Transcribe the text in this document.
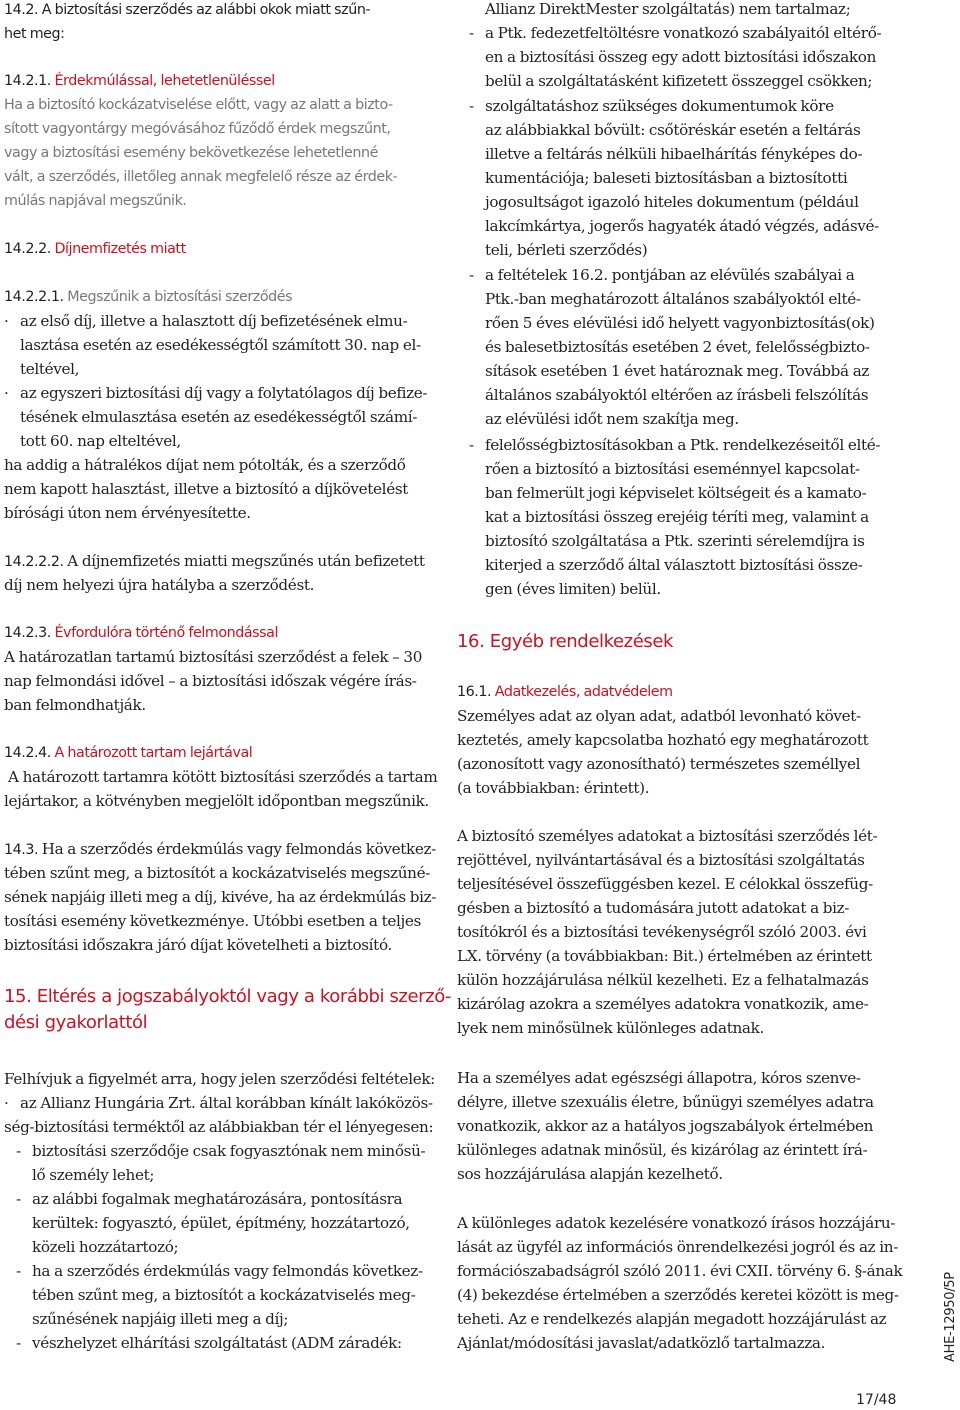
14.2. A biztosítási szerződés az alábbi okok miatt szűn-

het meg:

14.2.1. Érdekmúlással, lehetetlenüléssel

Ha a biztosító kockázatviselése előtt, vagy az alatt a bizto-

sított vagyontárgy megóvásához fűződő érdek megszűnt,

vagy a biztosítási esemény bekövetkezése lehetetlenné

vált, a szerződés, illetőleg annak megfelelő része az érdek-

múlás napjával megszűnik.

14.2.2. Díjnemfizetés miatt

14.2.2.1. Megszűnik a biztosítási szerződés

· az első díj, illetve a halasztott díj befizetésének elmu-

lasztása esetén az esedékességtől számított 30. nap el-

teltével,

· az egyszeri biztosítási díj vagy a folytatólagos díj befize-

tésének elmulasztása esetén az esedékességtől számí-

tott 60. nap elteltével,

ha addig a hátralékos díjat nem pótolták, és a szerződő

nem kapott halasztást, illetve a biztosító a díjkövetelést

bírósági úton nem érvényesítette.

14.2.2.2. A díjnemfizetés miatti megszűnés után befizetett

díj nem helyezi újra hatályba a szerződést.

14.2.3. Évfordulóra történő felmondással

A határozatlan tartamú biztosítási szerződést a felek – 30

nap felmondási idővel – a biztosítási időszak végére írás-

ban felmondhatják.

14.2.4. A határozott tartam lejártával

A határozott tartamra kötött biztosítási szerződés a tartam

lejártakor, a kötvényben megjelölt időpontban megszűnik.

14.3. Ha a szerződés érdekmúlás vagy felmondás következ-

tében szűnt meg, a biztosítót a kockázatviselés megszűné-

sének napjáig illeti meg a díj, kivéve, ha az érdekmúlás biz-

tosítási esemény következménye. Utóbbi esetben a teljes

biztosítási időszakra járó díjat követelheti a biztosító.

15. Eltérés a jogszabályoktól vagy a korábbi szerző-

dési gyakorlattól

Felhívjuk a figyelmét arra, hogy jelen szerződési feltételek:

· az Allianz Hungária Zrt. által korábban kínált lakóközös-

ség-biztosítási terméktől az alábbiakban tér el lényegesen:

- biztosítási szerződője csak fogyasztónak nem minősü-

lő személy lehet;

- az alábbi fogalmak meghatározására, pontosításra

kerültek: fogyasztó, épület, építmény, hozzátartozó,

közeli hozzátartozó;

- ha a szerződés érdekmúlás vagy felmondás következ-

tében szűnt meg, a biztosítót a kockázatviselés meg-

szűnésének napjáig illeti meg a díj;

- vészhelyzet elhárítási szolgáltatást (ADM záradék:

Allianz DirektMester szolgáltatás) nem tartalmaz;

- a Ptk. fedezetfeltöltésre vonatkozó szabályaitól eltérő-

en a biztosítási összeg egy adott biztosítási időszakon

belül a szolgáltatásként kifizetett összeggel csökken;

- szolgáltatáshoz szükséges dokumentumok köre

az alábbiakkal bővült: csőtöréskár esetén a feltárás

illetve a feltárás nélküli hibaelhárítás fényképes do-

kumentációja; baleseti biztosításban a biztosítotti

jogosultságot igazoló hiteles dokumentum (például

lakcímkártya, jogerős hagyaték átadó végzés, adásvé-

teli, bérleti szerződés)

- a feltételek 16.2. pontjában az elévülés szabályai a

Ptk.-ban meghatározott általános szabályoktól elté-

rően 5 éves elévülési idő helyett vagyonbiztosítás(ok)

és balesetbiztosítás esetében 2 évet, felelősségbizto-

sítások esetében 1 évet határoznak meg. Továbbá az

általános szabályoktól eltérően az írásbeli felszólítás

az elévülési időt nem szakítja meg.

- felelősségbiztosításokban a Ptk. rendelkezéseitől elté-

rően a biztosító a biztosítási eseménnyel kapcsolat-

ban felmerült jogi képviselet költségeit és a kamato-

kat a biztosítási összeg erejéig téríti meg, valamint a

biztosító szolgáltatása a Ptk. szerinti sérelemdíjra is

kiterjed a szerződő által választott biztosítási össze-

gen (éves limiten) belül.

16. Egyéb rendelkezések

16.1. Adatkezelés, adatvédelem

Személyes adat az olyan adat, adatból levonható követ-

keztetés, amely kapcsolatba hozható egy meghatározott

(azonosított vagy azonosítható) természetes személlyel

(a továbbiakban: érintett).

A biztosító személyes adatokat a biztosítási szerződés lét-

rejöttével, nyilvántartásával és a biztosítási szolgáltatás

teljesítésével összefüggésben kezel. E célokkal összefüg-

gésben a biztosító a tudomására jutott adatokat a biz-

tosítókról és a biztosítási tevékenységről szóló 2003. évi

LX. törvény (a továbbiakban: Bit.) értelmében az érintett

külön hozzájárulása nélkül kezelheti. Ez a felhatalmazás

kizárólag azokra a személyes adatokra vonatkozik, ame-

lyek nem minősülnek különleges adatnak.

Ha a személyes adat egészségi állapotra, kóros szenve-

délyre, illetve szexuális életre, bűnügyi személyes adatra

vonatkozik, akkor az a hatályos jogszabályok értelmében

különleges adatnak minősül, és kizárólag az érintett írá-

sos hozzájárulása alapján kezelhető.

A különleges adatok kezelésére vonatkozó írásos hozzájáru-

lását az ügyfél az információs önrendelkezési jogról és az in-

formációszabadságról szóló 2011. évi CXII. törvény 6. §-ának

(4) bekezdése értelmében a szerződés keretei között is meg-

teheti. Az e rendelkezés alapján megadott hozzájárulást az

Ajánlat/módosítási javaslat/adatközlő tartalmazza.	AHE-12950/5P
17/48
